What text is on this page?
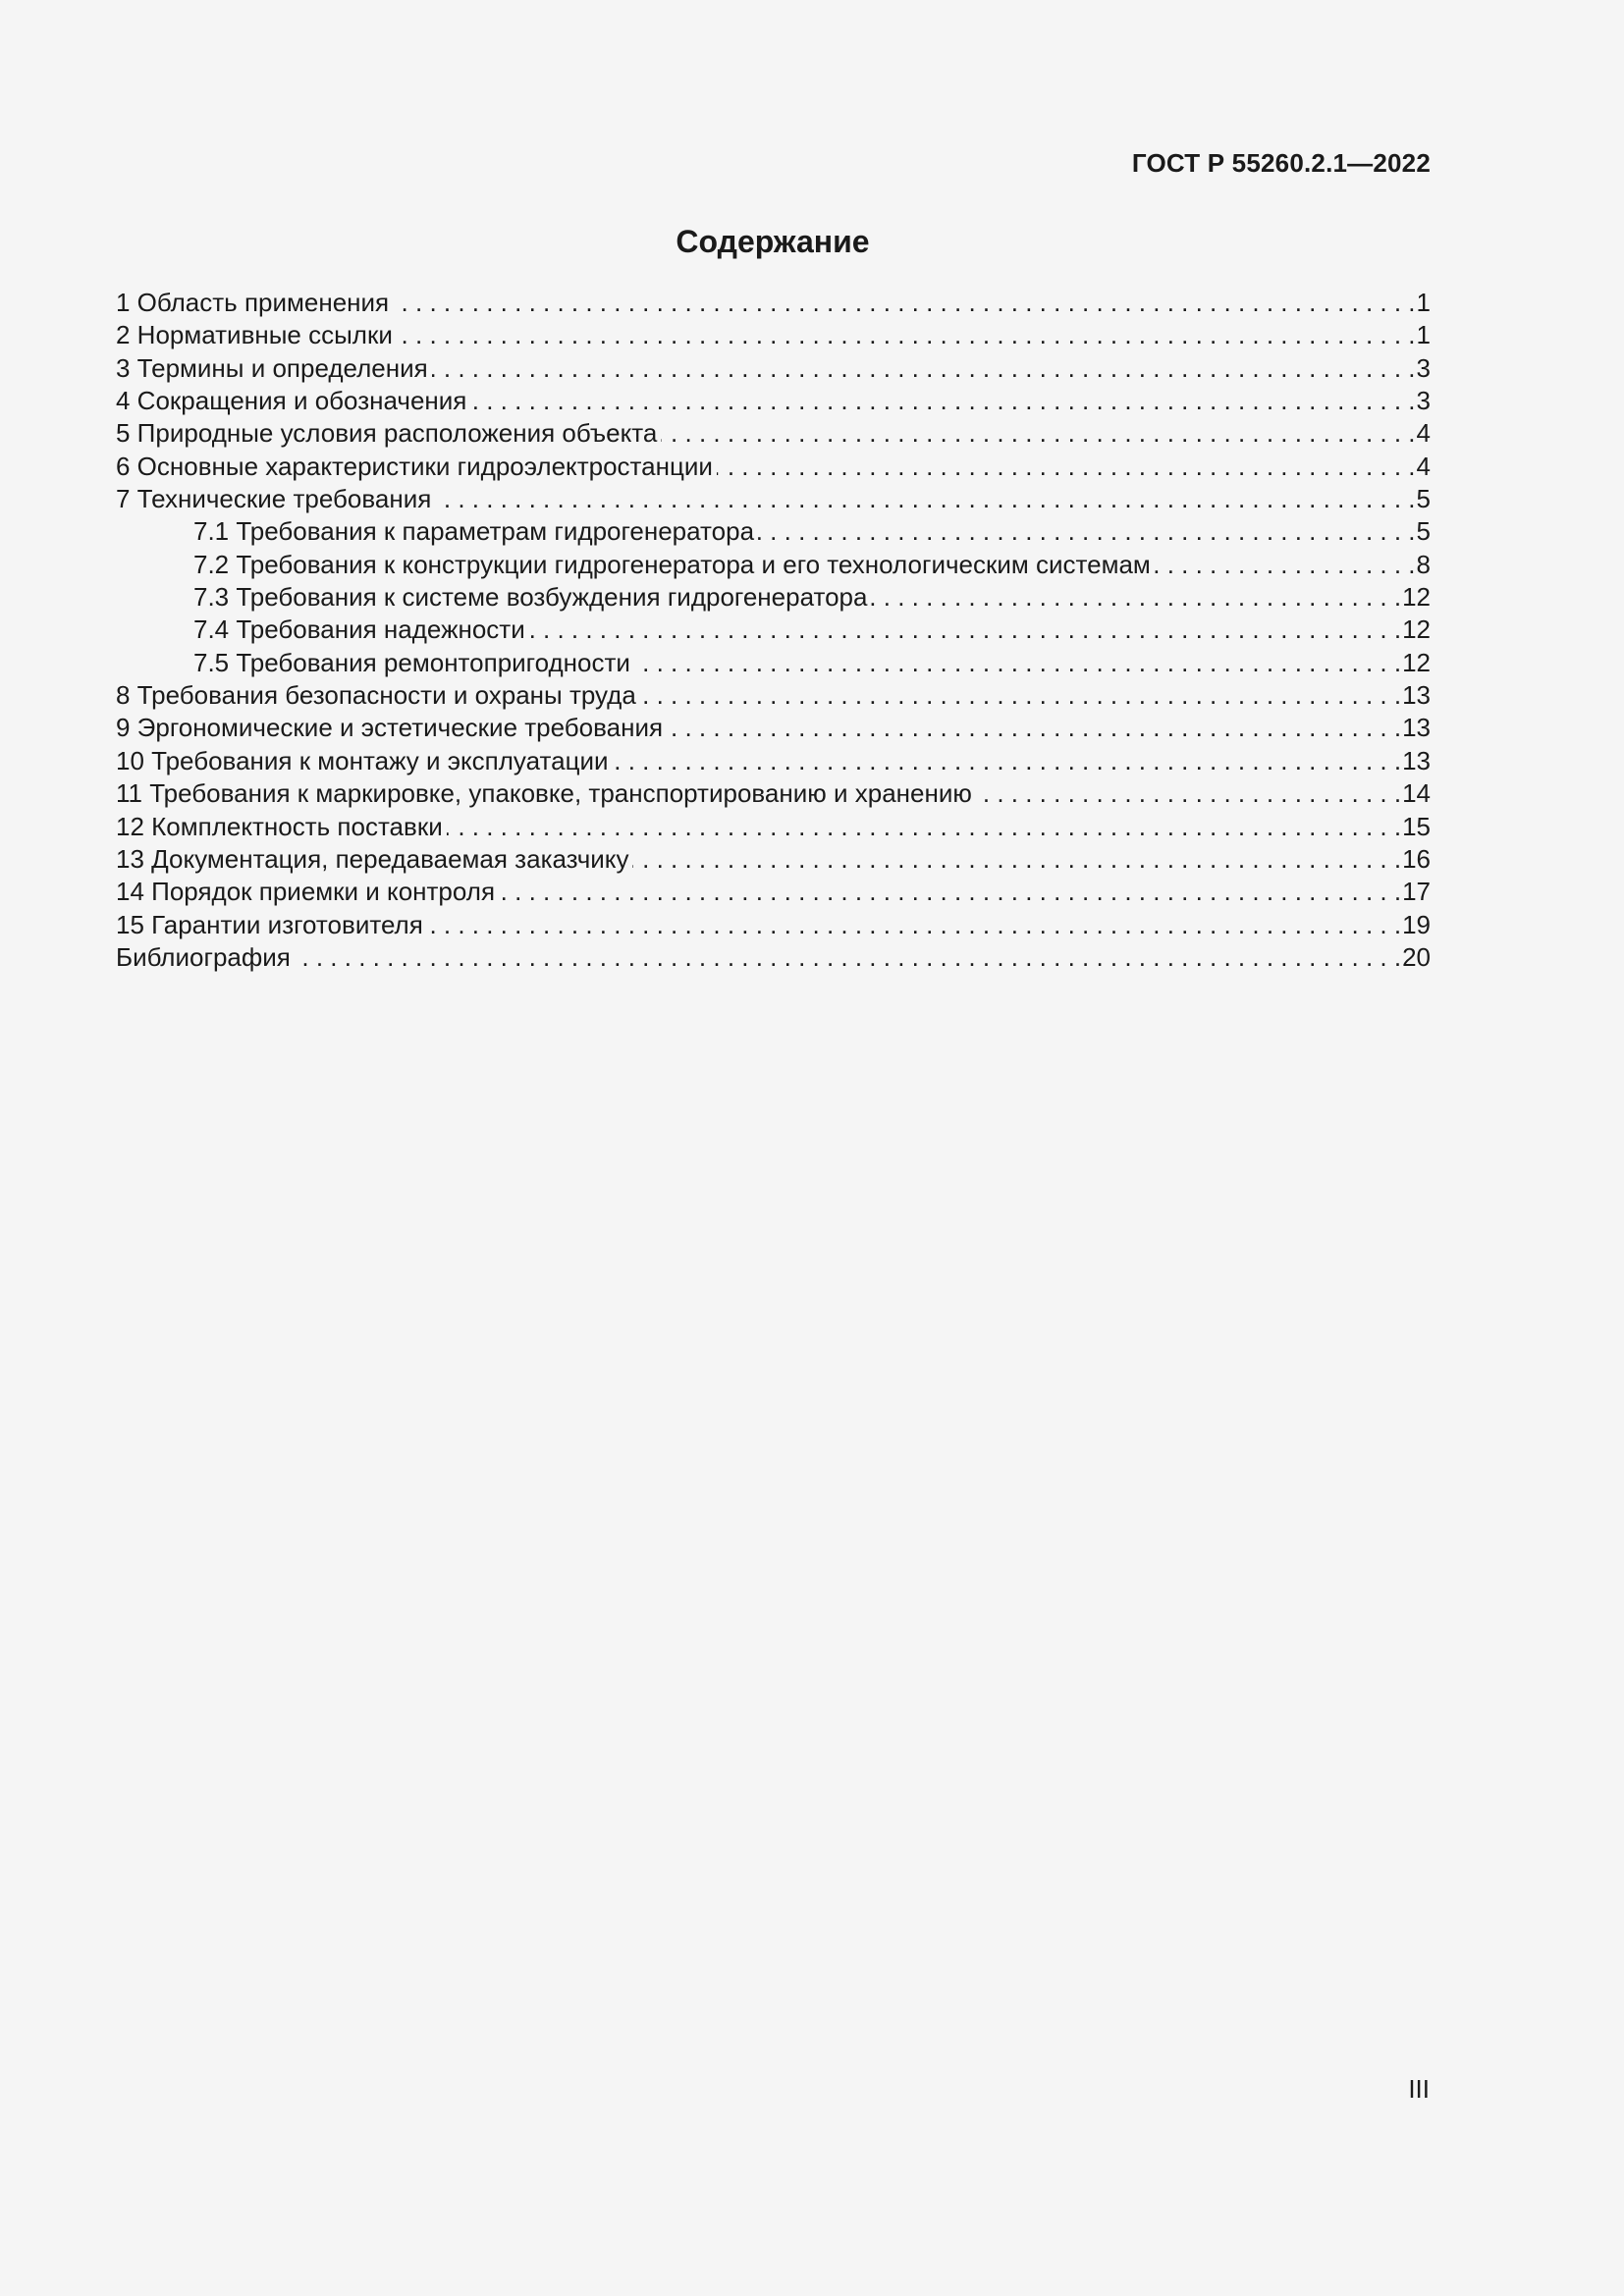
ГОСТ Р 55260.2.1—2022
Содержание
1 Область применения . . .	1
2 Нормативные ссылки . . .	1
3 Термины и определения . . .	3
4 Сокращения и обозначения . . .	3
5 Природные условия расположения объекта . . .	4
6 Основные характеристики гидроэлектростанции . . .	4
7 Технические требования . . .	5
7.1 Требования к параметрам гидрогенератора . . .	5
7.2 Требования к конструкции гидрогенератора и его технологическим системам . . .	8
7.3 Требования к системе возбуждения гидрогенератора . . .	12
7.4 Требования надежности . . .	12
7.5 Требования ремонтопригодности . . .	12
8 Требования безопасности и охраны труда . . .	13
9 Эргономические и эстетические требования . . .	13
10 Требования к монтажу и эксплуатации . . .	13
11 Требования к маркировке, упаковке, транспортированию и хранению . . .	14
12 Комплектность поставки . . .	15
13 Документация, передаваемая заказчику . . .	16
14 Порядок приемки и контроля . . .	17
15 Гарантии изготовителя . . .	19
Библиография . . .	20
III
